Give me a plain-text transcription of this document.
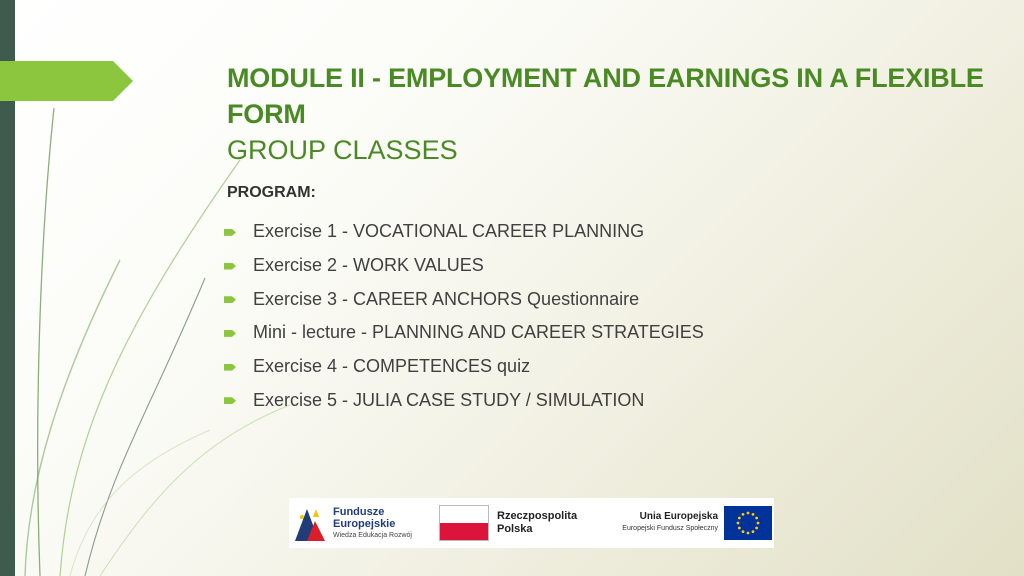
MODULE II - EMPLOYMENT AND EARNINGS IN A FLEXIBLE FORM

GROUP CLASSES

PROGRAM:
Exercise 1 - VOCATIONAL CAREER PLANNING
Exercise 2 - WORK VALUES
Exercise 3 - CAREER ANCHORS Questionnaire
Mini - lecture - PLANNING AND CAREER STRATEGIES
Exercise 4 - COMPETENCES quiz
Exercise 5 - JULIA CASE STUDY / SIMULATION
Fundusze
Europejskie
Wiedza Edukacja Rozwój
Rzeczpospolita
Polska
Unia Europejska
Europejski Fundusz Społeczny
